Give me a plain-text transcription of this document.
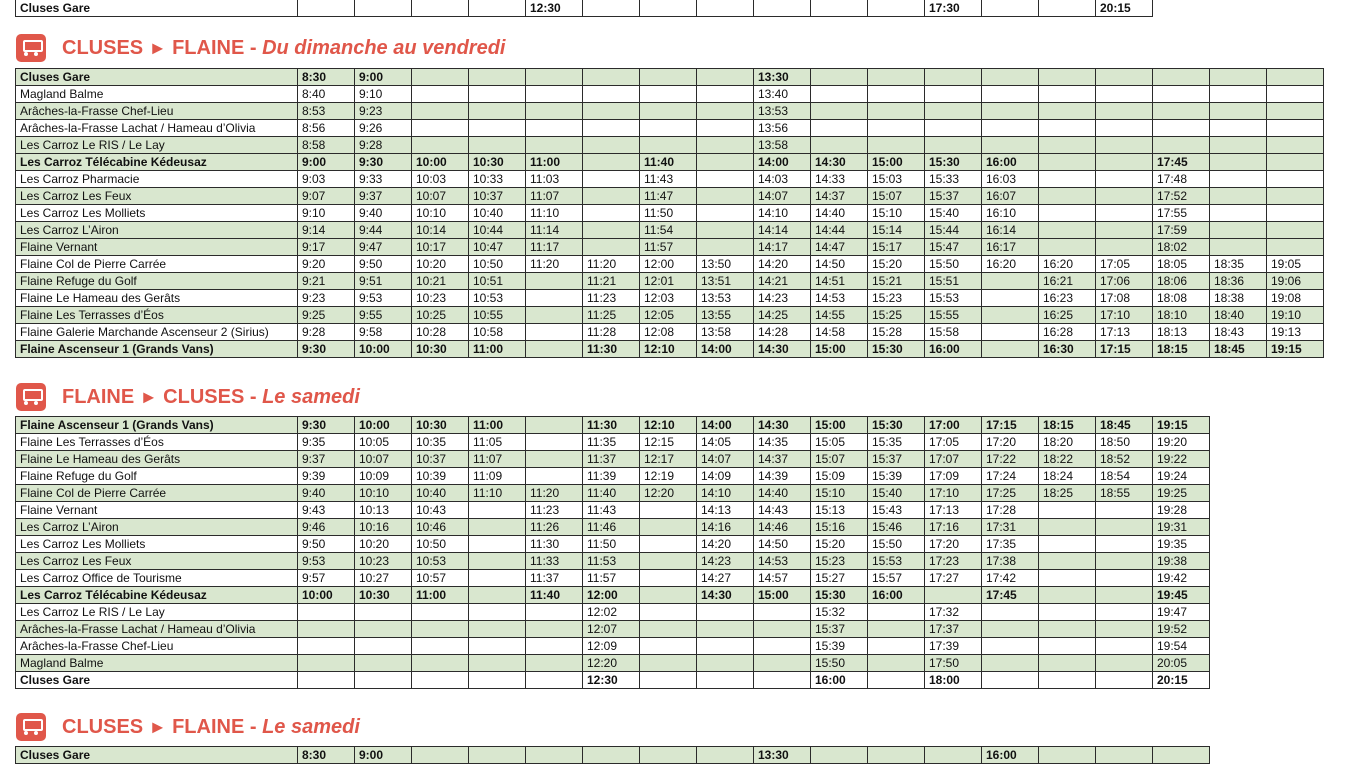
Cluses Gare					12:30							17:30			20:15
CLUSES ► FLAINE - Du dimanche au vendredi
Cluses Gare	8:30	9:00							13:30									
Magland Balme	8:40	9:10							13:40									
Arâches-la-Frasse Chef-Lieu	8:53	9:23							13:53									
Arâches-la-Frasse Lachat / Hameau d’Olivia	8:56	9:26							13:56									
Les Carroz Le RIS / Le Lay	8:58	9:28							13:58									
Les Carroz Télécabine Kédeusaz	9:00	9:30	10:00	10:30	11:00		11:40		14:00	14:30	15:00	15:30	16:00			17:45		
Les Carroz Pharmacie	9:03	9:33	10:03	10:33	11:03		11:43		14:03	14:33	15:03	15:33	16:03			17:48		
Les Carroz Les Feux	9:07	9:37	10:07	10:37	11:07		11:47		14:07	14:37	15:07	15:37	16:07			17:52		
Les Carroz Les Molliets	9:10	9:40	10:10	10:40	11:10		11:50		14:10	14:40	15:10	15:40	16:10			17:55		
Les Carroz L’Airon	9:14	9:44	10:14	10:44	11:14		11:54		14:14	14:44	15:14	15:44	16:14			17:59		
Flaine Vernant	9:17	9:47	10:17	10:47	11:17		11:57		14:17	14:47	15:17	15:47	16:17			18:02		
Flaine Col de Pierre Carrée	9:20	9:50	10:20	10:50	11:20	11:20	12:00	13:50	14:20	14:50	15:20	15:50	16:20	16:20	17:05	18:05	18:35	19:05
Flaine Refuge du Golf	9:21	9:51	10:21	10:51		11:21	12:01	13:51	14:21	14:51	15:21	15:51		16:21	17:06	18:06	18:36	19:06
Flaine Le Hameau des Gerâts	9:23	9:53	10:23	10:53		11:23	12:03	13:53	14:23	14:53	15:23	15:53		16:23	17:08	18:08	18:38	19:08
Flaine Les Terrasses d’Éos	9:25	9:55	10:25	10:55		11:25	12:05	13:55	14:25	14:55	15:25	15:55		16:25	17:10	18:10	18:40	19:10
Flaine Galerie Marchande Ascenseur 2 (Sirius)	9:28	9:58	10:28	10:58		11:28	12:08	13:58	14:28	14:58	15:28	15:58		16:28	17:13	18:13	18:43	19:13
Flaine Ascenseur 1 (Grands Vans)	9:30	10:00	10:30	11:00		11:30	12:10	14:00	14:30	15:00	15:30	16:00		16:30	17:15	18:15	18:45	19:15
FLAINE ► CLUSES - Le samedi
Flaine Ascenseur 1 (Grands Vans)	9:30	10:00	10:30	11:00		11:30	12:10	14:00	14:30	15:00	15:30	17:00	17:15	18:15	18:45	19:15
Flaine Les Terrasses d’Éos	9:35	10:05	10:35	11:05		11:35	12:15	14:05	14:35	15:05	15:35	17:05	17:20	18:20	18:50	19:20
Flaine Le Hameau des Gerâts	9:37	10:07	10:37	11:07		11:37	12:17	14:07	14:37	15:07	15:37	17:07	17:22	18:22	18:52	19:22
Flaine Refuge du Golf	9:39	10:09	10:39	11:09		11:39	12:19	14:09	14:39	15:09	15:39	17:09	17:24	18:24	18:54	19:24
Flaine Col de Pierre Carrée	9:40	10:10	10:40	11:10	11:20	11:40	12:20	14:10	14:40	15:10	15:40	17:10	17:25	18:25	18:55	19:25
Flaine Vernant	9:43	10:13	10:43		11:23	11:43		14:13	14:43	15:13	15:43	17:13	17:28			19:28
Les Carroz L’Airon	9:46	10:16	10:46		11:26	11:46		14:16	14:46	15:16	15:46	17:16	17:31			19:31
Les Carroz Les Molliets	9:50	10:20	10:50		11:30	11:50		14:20	14:50	15:20	15:50	17:20	17:35			19:35
Les Carroz Les Feux	9:53	10:23	10:53		11:33	11:53		14:23	14:53	15:23	15:53	17:23	17:38			19:38
Les Carroz Office de Tourisme	9:57	10:27	10:57		11:37	11:57		14:27	14:57	15:27	15:57	17:27	17:42			19:42
Les Carroz Télécabine Kédeusaz	10:00	10:30	11:00		11:40	12:00		14:30	15:00	15:30	16:00		17:45			19:45
Les Carroz Le RIS / Le Lay						12:02				15:32		17:32				19:47
Arâches-la-Frasse Lachat / Hameau d’Olivia						12:07				15:37		17:37				19:52
Arâches-la-Frasse Chef-Lieu						12:09				15:39		17:39				19:54
Magland Balme						12:20				15:50		17:50				20:05
Cluses Gare						12:30				16:00		18:00				20:15
CLUSES ► FLAINE - Le samedi
Cluses Gare	8:30	9:00							13:30				16:00			
